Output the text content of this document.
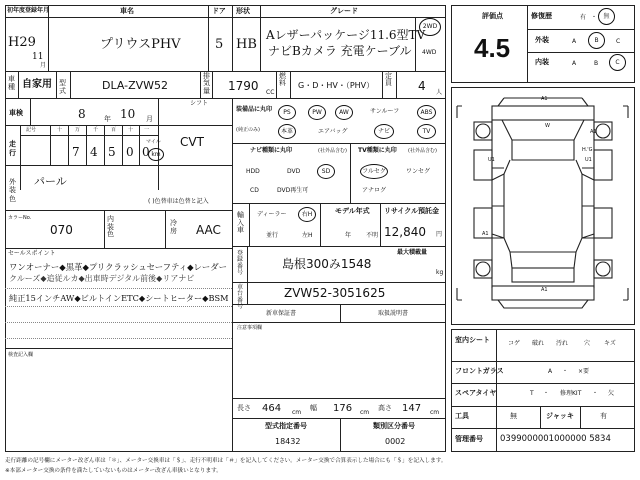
初年度登録年月	車名	ドア 形状	グレード
H29
11
月
プリウスPHV	5 HB
Aレザーパッケージ11.6型TV
ナビBカメラ 充電ケーブル
2WD
4WD
車
種 自家用 型式	DLA-ZVW52
排気量 1790 CC
燃料 G・D・HV・（PHV）
定員 4 人
車検	8	年 10 月
シフト
CVT
走行
記号	十	万	千	百 十 一
7 4 5 0 0
マイル
km
外装色
パール
( )色替車は色替と記入
カラーNo.
070
内装色
冷房 AAC
セールスポイント
ワンオーナー◆黒革◆プリクラッシュセーフティ◆レーダー
クルーズ◆追従ルカ◆出車時デジタル前後◆リアナビ
純正15インチAW◆ビルトインETC◆シートヒーター◆BSM
検査記入欄
装備品に丸印
(純正のみ)
PS	PW	AW	サンルーフ	ABS
本革	エアバッグ	ナビ	TV
ナビ種類に丸印	(社外品含む)
HDD	DVD	SD
CD	DVD再生可
TV種類に丸印 (社外品含む)
フルセグ	ワンセグ
アナログ
輸入車
ディーラー
並行
右H
左H
モデル年式
年 不明
リサイクル預託金
12,840 円
最大積載量
kg
登録番号
島根300み1548
車台番号
ZVW52-3051625
新車保証書	取扱説明書
注意事項欄
長さ 464 cm
幅 176 cm
高さ 147 cm
型式指定番号
18432
類別区分番号
0002
評価点
4.5
修復歴	有 ・	無
外装	A	B	C
内装	A	B	C
A1
W
H.'G
U1	U1
A1
A1
A1
室内シート	コゲ 破れ 汚れ	穴 キズ
フロントガラス	A ・ ×要
スペアタイヤ	T ・ 修理KIT ・ 欠
工具	無	ジャッキ	有
管理番号 0399000001000000 5834
走行距離の記号欄にメーター改ざん車は「＊」、メーター交換車は「＄」、走行不明車は「＃」を記入してください。メーター交換で合算表示した場合にも「＄」を記入します。
※本部メーター交換の条件を満たしていないものはメーター改ざん車扱いとなります。
